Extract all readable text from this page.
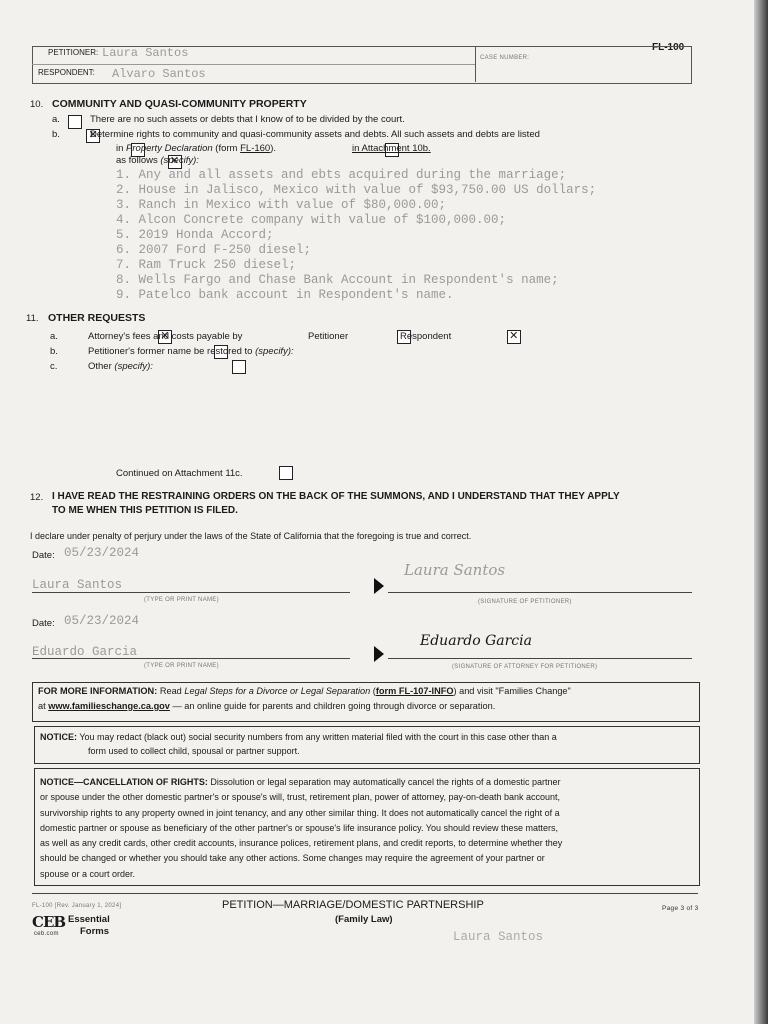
FL-100
PETITIONER: Laura Santos
RESPONDENT: Alvaro Santos
CASE NUMBER:
10. COMMUNITY AND QUASI-COMMUNITY PROPERTY
a.
	There are no such assets or debts that I know of to be divided by the court.
b. ✕	Determine rights to community and quasi-community assets and debts. All such assets and debts are listed

in Property Declaration (form FL-160).
	in Attachment 10b.
✕
as follows (specify):
1. Any and all assets and ebts acquired during the marriage;
2. House in Jalisco, Mexico with value of $93,750.00 US dollars;
3. Ranch in Mexico with value of $80,000.00;
4. Alcon Concrete company with value of $100,000.00;
5. 2019 Honda Accord;
6. 2007 Ford F-250 diesel;
7. Ram Truck 250 diesel;
8. Wells Fargo and Chase Bank Account in Respondent's name;
9. Patelco bank account in Respondent's name.
11. OTHER REQUESTS
a. ✕	Attorney's fees and costs payable by
	Petitioner ✕	Respondent
b.
	Petitioner's former name be restored to (specify):
c.
	Other (specify):
Continued on Attachment 11c.
12. I HAVE READ THE RESTRAINING ORDERS ON THE BACK OF THE SUMMONS, AND I UNDERSTAND THAT THEY APPLY
TO ME WHEN THIS PETITION IS FILED.
I declare under penalty of perjury under the laws of the State of California that the foregoing is true and correct.
Date: 05/23/2024
Laura Santos
(TYPE OR PRINT NAME)
Laura Santos
(SIGNATURE OF PETITIONER)
Date: 05/23/2024
Eduardo Garcia
(TYPE OR PRINT NAME)
Eduardo Garcia
(SIGNATURE OF ATTORNEY FOR PETITIONER)
FOR MORE INFORMATION: Read Legal Steps for a Divorce or Legal Separation (form FL-107-INFO) and visit "Families Change"
at www.familieschange.ca.gov — an online guide for parents and children going through divorce or separation.
NOTICE: You may redact (black out) social security numbers from any written material filed with the court in this case other than a
form used to collect child, spousal or partner support.
NOTICE—CANCELLATION OF RIGHTS: Dissolution or legal separation may automatically cancel the rights of a domestic partner
or spouse under the other domestic partner's or spouse's will, trust, retirement plan, power of attorney, pay-on-death bank account,
survivorship rights to any property owned in joint tenancy, and any other similar thing. It does not automatically cancel the right of a
domestic partner or spouse as beneficiary of the other partner's or spouse's life insurance policy. You should review these matters,
as well as any credit cards, other credit accounts, insurance polices, retirement plans, and credit reports, to determine whether they
should be changed or whether you should take any other actions. Some changes may require the agreement of your partner or
spouse or a court order.
FL-100 [Rev. January 1, 2024]	PETITION—MARRIAGE/DOMESTIC PARTNERSHIP
(Family Law)
Page 3 of 3
CEB Essential
Forms
ceb.com	Laura Santos
